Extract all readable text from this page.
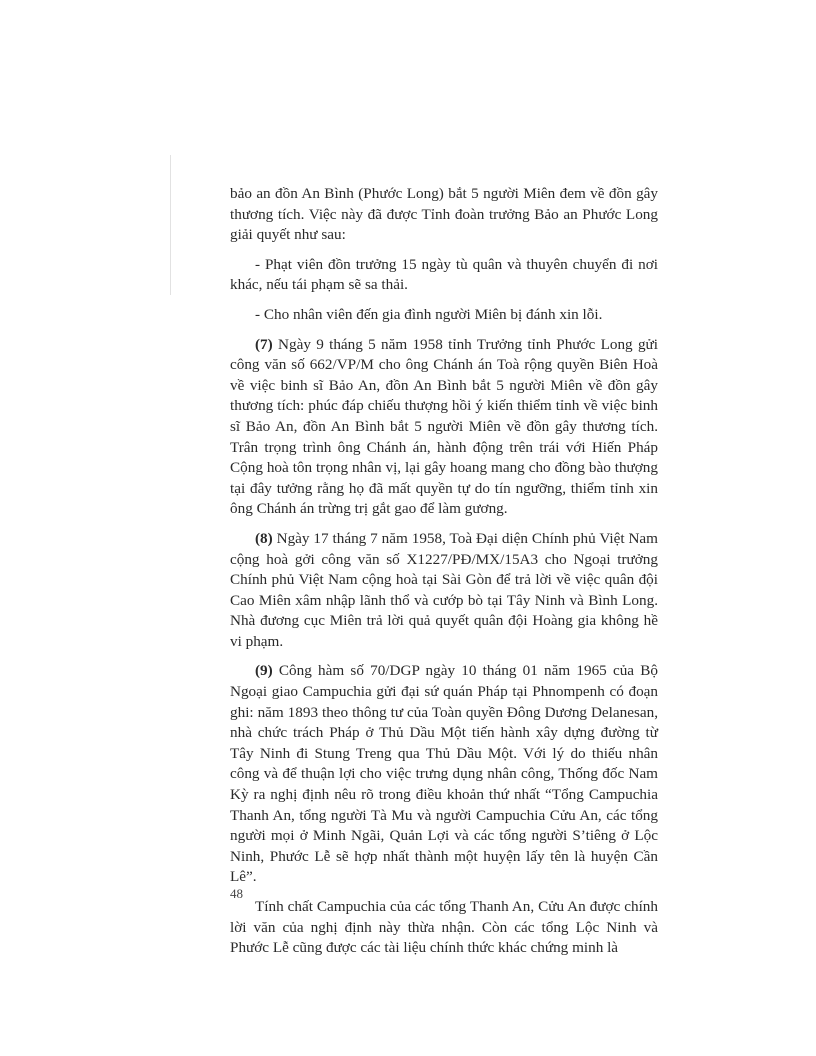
bảo an đồn An Bình (Phước Long) bắt 5 người Miên đem về đồn gây thương tích. Việc này đã được Tỉnh đoàn trưởng Bảo an Phước Long giải quyết như sau:

- Phạt viên đồn trưởng 15 ngày tù quân và thuyên chuyển đi nơi khác, nếu tái phạm sẽ sa thải.

- Cho nhân viên đến gia đình người Miên bị đánh xin lỗi.

(7) Ngày 9 tháng 5 năm 1958 tỉnh Trưởng tỉnh Phước Long gửi công văn số 662/VP/M cho ông Chánh án Toà rộng quyền Biên Hoà về việc binh sĩ Bảo An, đồn An Bình bắt 5 người Miên về đồn gây thương tích: phúc đáp chiếu thượng hồi ý kiến thiểm tỉnh về việc binh sĩ Bảo An, đồn An Bình bắt 5 người Miên về đồn gây thương tích. Trân trọng trình ông Chánh án, hành động trên trái với Hiến Pháp Cộng hoà tôn trọng nhân vị, lại gây hoang mang cho đồng bào thượng tại đây tưởng rằng họ đã mất quyền tự do tín ngưỡng, thiểm tỉnh xin ông Chánh án trừng trị gắt gao để làm gương.

(8) Ngày 17 tháng 7 năm 1958, Toà Đại diện Chính phủ Việt Nam cộng hoà gởi công văn số X1227/PĐ/MX/15A3 cho Ngoại trưởng Chính phủ Việt Nam cộng hoà tại Sài Gòn để trả lời về việc quân đội Cao Miên xâm nhập lãnh thổ và cướp bò tại Tây Ninh và Bình Long. Nhà đương cục Miên trả lời quả quyết quân đội Hoàng gia không hề vi phạm.

(9) Công hàm số 70/DGP ngày 10 tháng 01 năm 1965 của Bộ Ngoại giao Campuchia gửi đại sứ quán Pháp tại Phnompenh có đoạn ghi: năm 1893 theo thông tư của Toàn quyền Đông Dương Delanesan, nhà chức trách Pháp ở Thủ Dầu Một tiến hành xây dựng đường từ Tây Ninh đi Stung Treng qua Thủ Dầu Một. Với lý do thiếu nhân công và để thuận lợi cho việc trưng dụng nhân công, Thống đốc Nam Kỳ ra nghị định nêu rõ trong điều khoản thứ nhất “Tổng Campuchia Thanh An, tổng người Tà Mu và người Campuchia Cửu An, các tổng người mọi ở Minh Ngãi, Quản Lợi và các tổng người S’tiêng ở Lộc Ninh, Phước Lễ sẽ hợp nhất thành một huyện lấy tên là huyện Cần Lê”.

Tính chất Campuchia của các tổng Thanh An, Cửu An được chính lời văn của nghị định này thừa nhận. Còn các tổng Lộc Ninh và Phước Lễ cũng được các tài liệu chính thức khác chứng minh là

48
